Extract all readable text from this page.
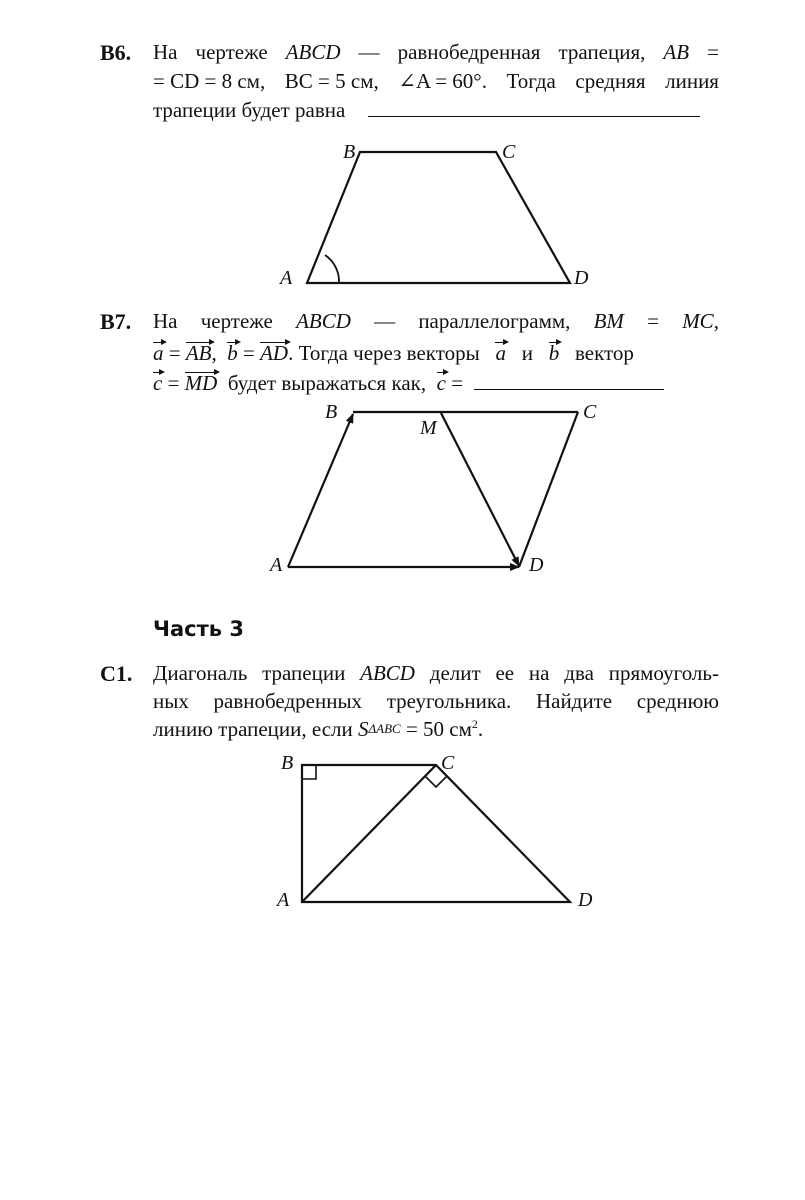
B6. На чертеже ABCD — равнобедренная трапеция, AB =
= CD = 8 см, BC = 5 см, ∠A = 60°. Тогда средняя линия
трапеции будет равна
A
B	C
D
B7. На чертеже ABCD — параллелограмм, BM = MC,
a = AB , b = AD . Тогда через векторы
a
и
b
вектор
c = MD
будет выражаться как,
c =
A
B	C
D
M
Часть 3
C1. Диагональ трапеции ABCD делит ее на два прямоуголь-
ных равнобедренных треугольника. Найдите среднюю
линию трапеции, если
$S_{\Delta ABC}$
= 50 см 2 .
A
B	C
D
